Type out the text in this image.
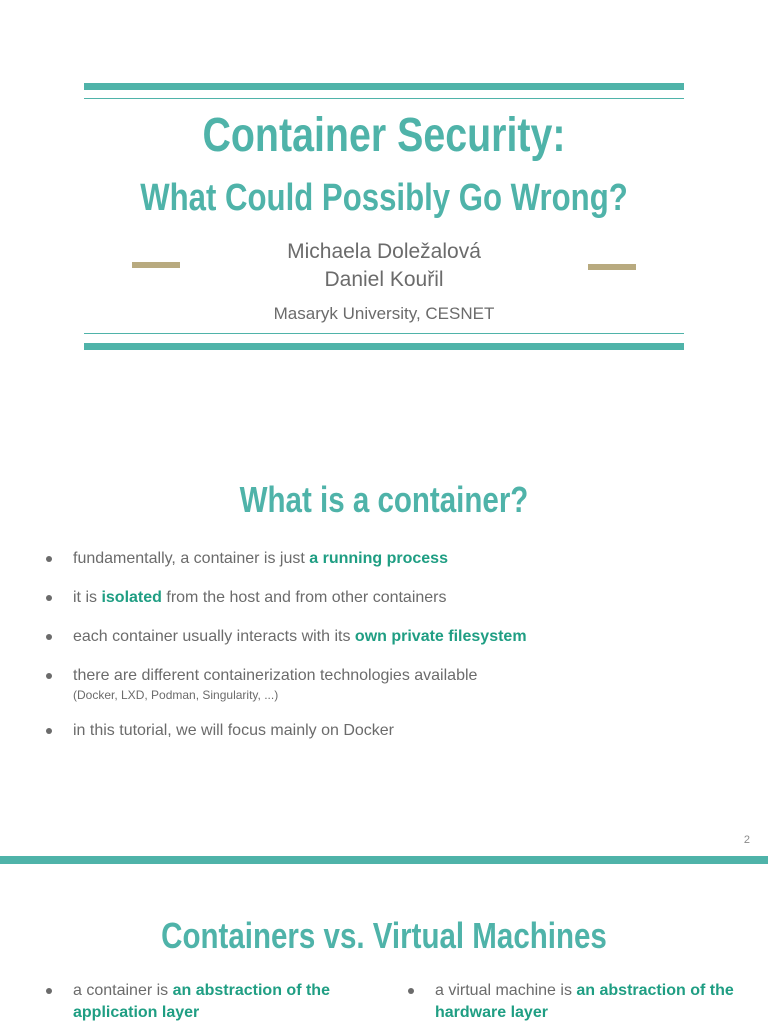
Container Security:
What Could Possibly Go Wrong?
Michaela Doležalová
Daniel Kouřil
Masaryk University, CESNET
What is a container?
fundamentally, a container is just a running process
it is isolated from the host and from other containers
each container usually interacts with its own private filesystem
there are different containerization technologies available
(Docker, LXD, Podman, Singularity, ...)
in this tutorial, we will focus mainly on Docker
2
Containers vs. Virtual Machines
a container is an abstraction of the application layer
a virtual machine is an abstraction of the hardware layer
